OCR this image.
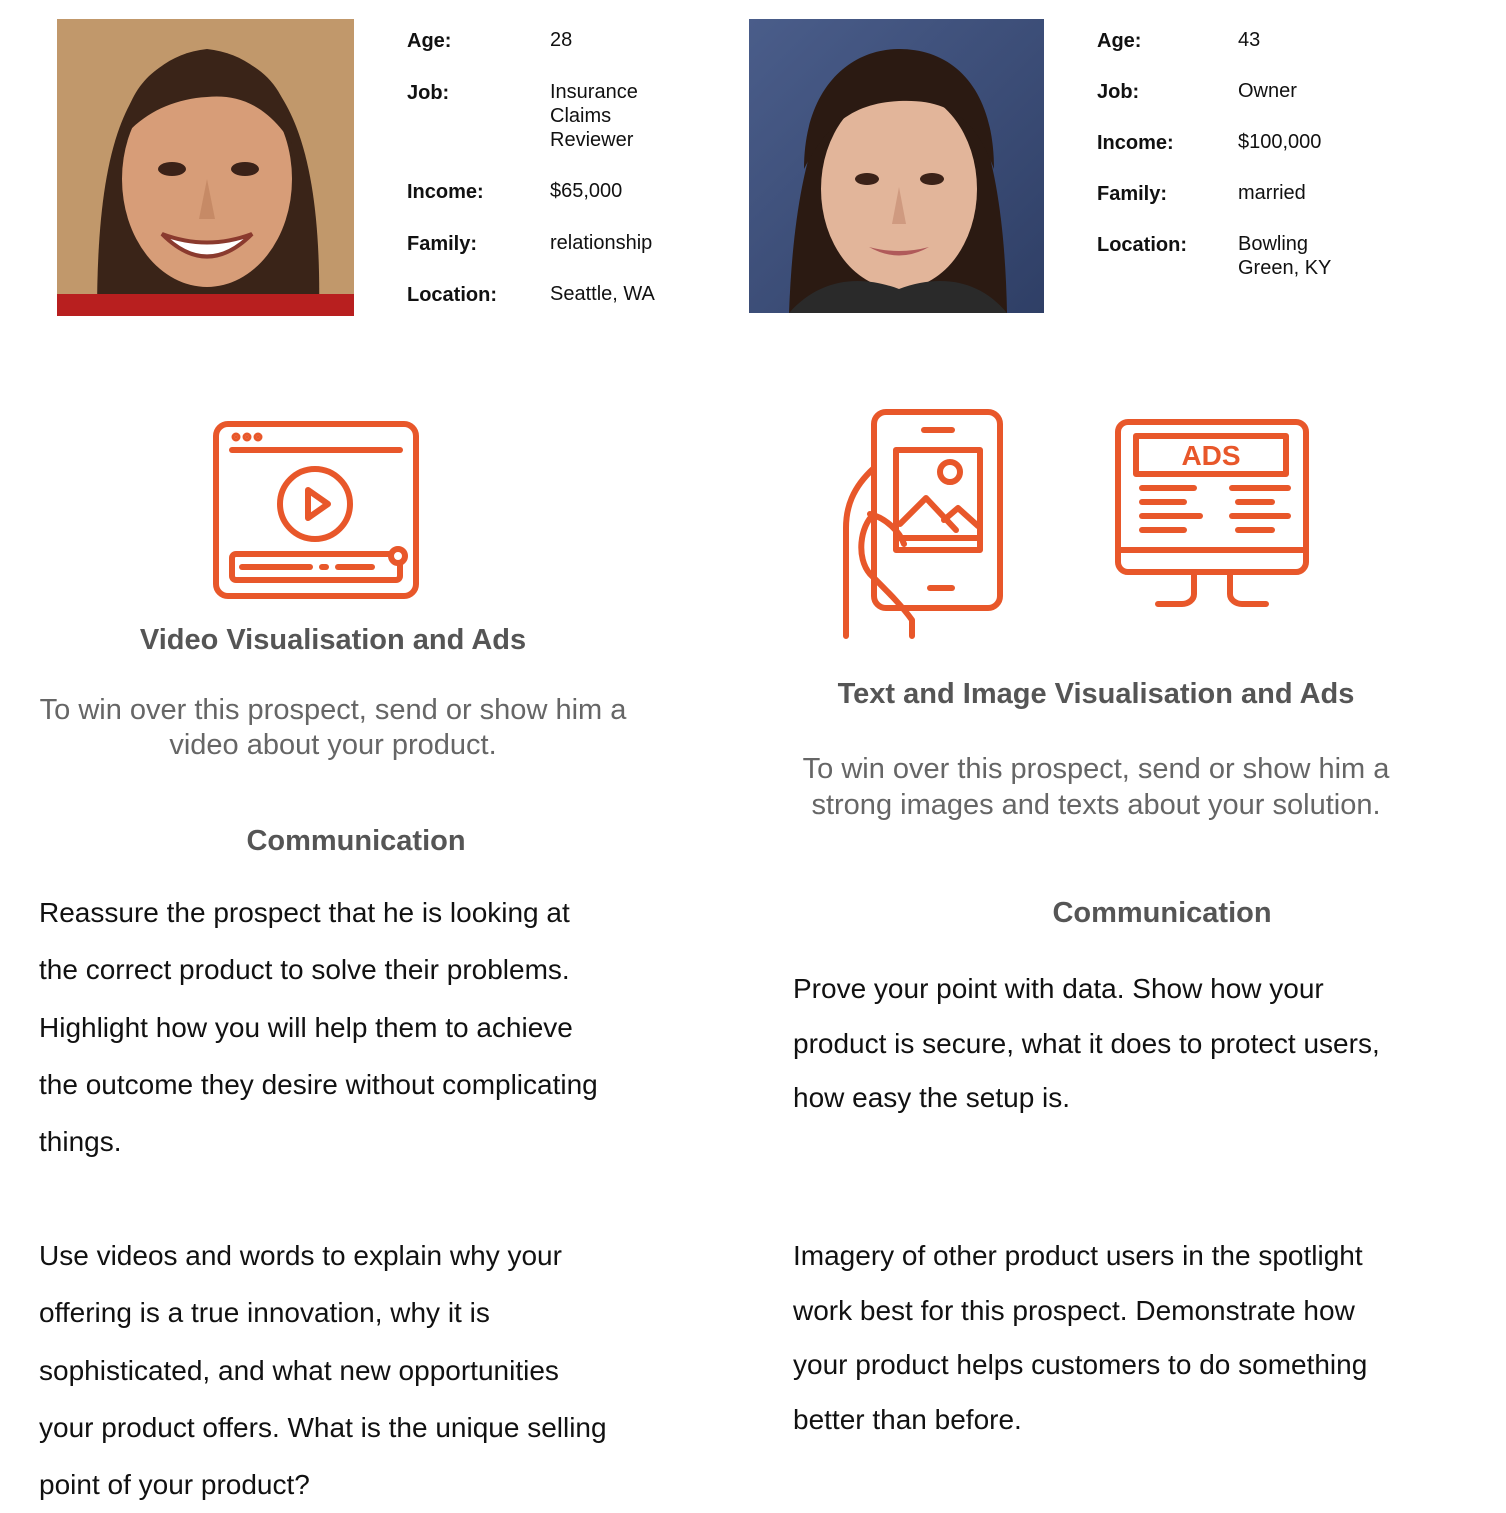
Age:	28
Job:	Insurance
Claims
Reviewer
Income:	$65,000
Family:	relationship
Location:	Seattle, WA
Video Visualisation and Ads
To win over this prospect, send or show him a
video about your product.
Communication
Reassure the prospect that he is looking at
the correct product to solve their problems.
Highlight how you will help them to achieve
the outcome they desire without complicating
things.
Use videos and words to explain why your
offering is a true innovation, why it is
sophisticated, and what new opportunities
your product offers. What is the unique selling
point of your product?
Age:	43
Job:	Owner
Income:	$100,000
Family:	married
Location:	Bowling
Green, KY
ADS
Text and Image Visualisation and Ads
To win over this prospect, send or show him a
strong images and texts about your solution.
Communication
Prove your point with data. Show how your
product is secure, what it does to protect users,
how easy the setup is.
Imagery of other product users in the spotlight
work best for this prospect. Demonstrate how
your product helps customers to do something
better than before.
